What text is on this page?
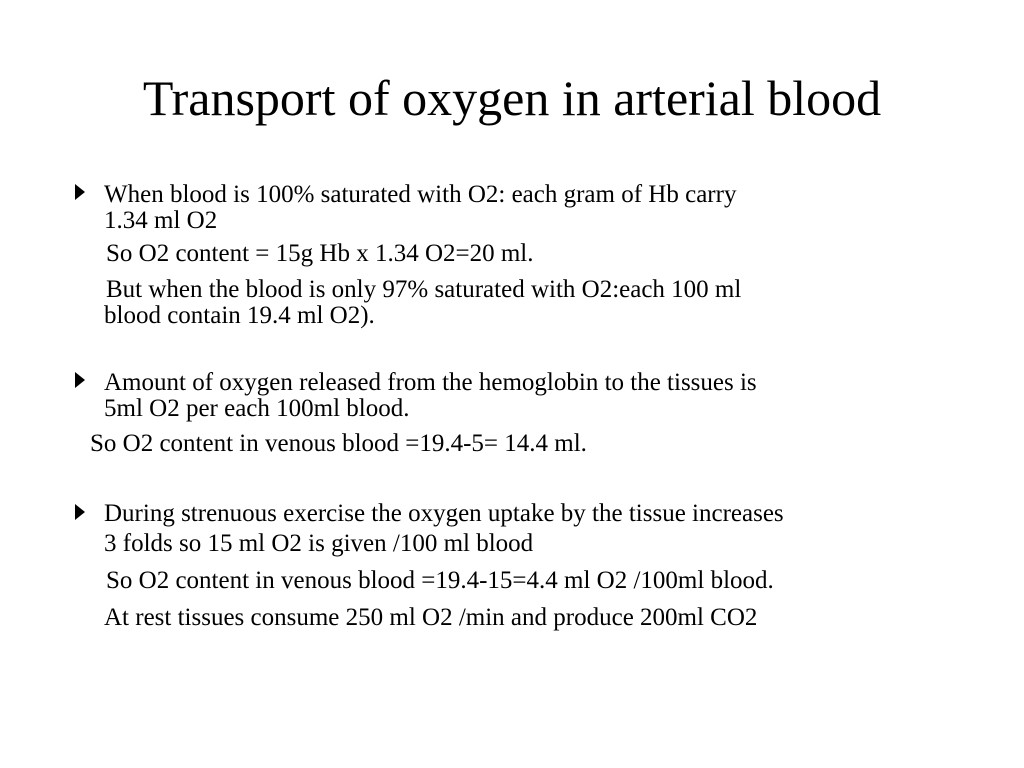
Transport of oxygen in arterial blood
When blood is 100% saturated with O2: each gram of Hb carry
1.34 ml O2
So O2 content = 15g Hb x 1.34 O2=20 ml.
But when the blood is only 97% saturated with O2:each 100 ml
blood contain 19.4 ml O2).
Amount of oxygen released from the hemoglobin to the tissues is
5ml O2 per each 100ml blood.
So O2 content in venous blood =19.4-5= 14.4 ml.
During strenuous exercise the oxygen uptake by the tissue increases
3 folds so 15 ml O2 is given /100 ml blood
So O2 content in venous blood =19.4-15=4.4 ml O2 /100ml blood.
At rest tissues consume 250 ml O2 /min and produce 200ml CO2
